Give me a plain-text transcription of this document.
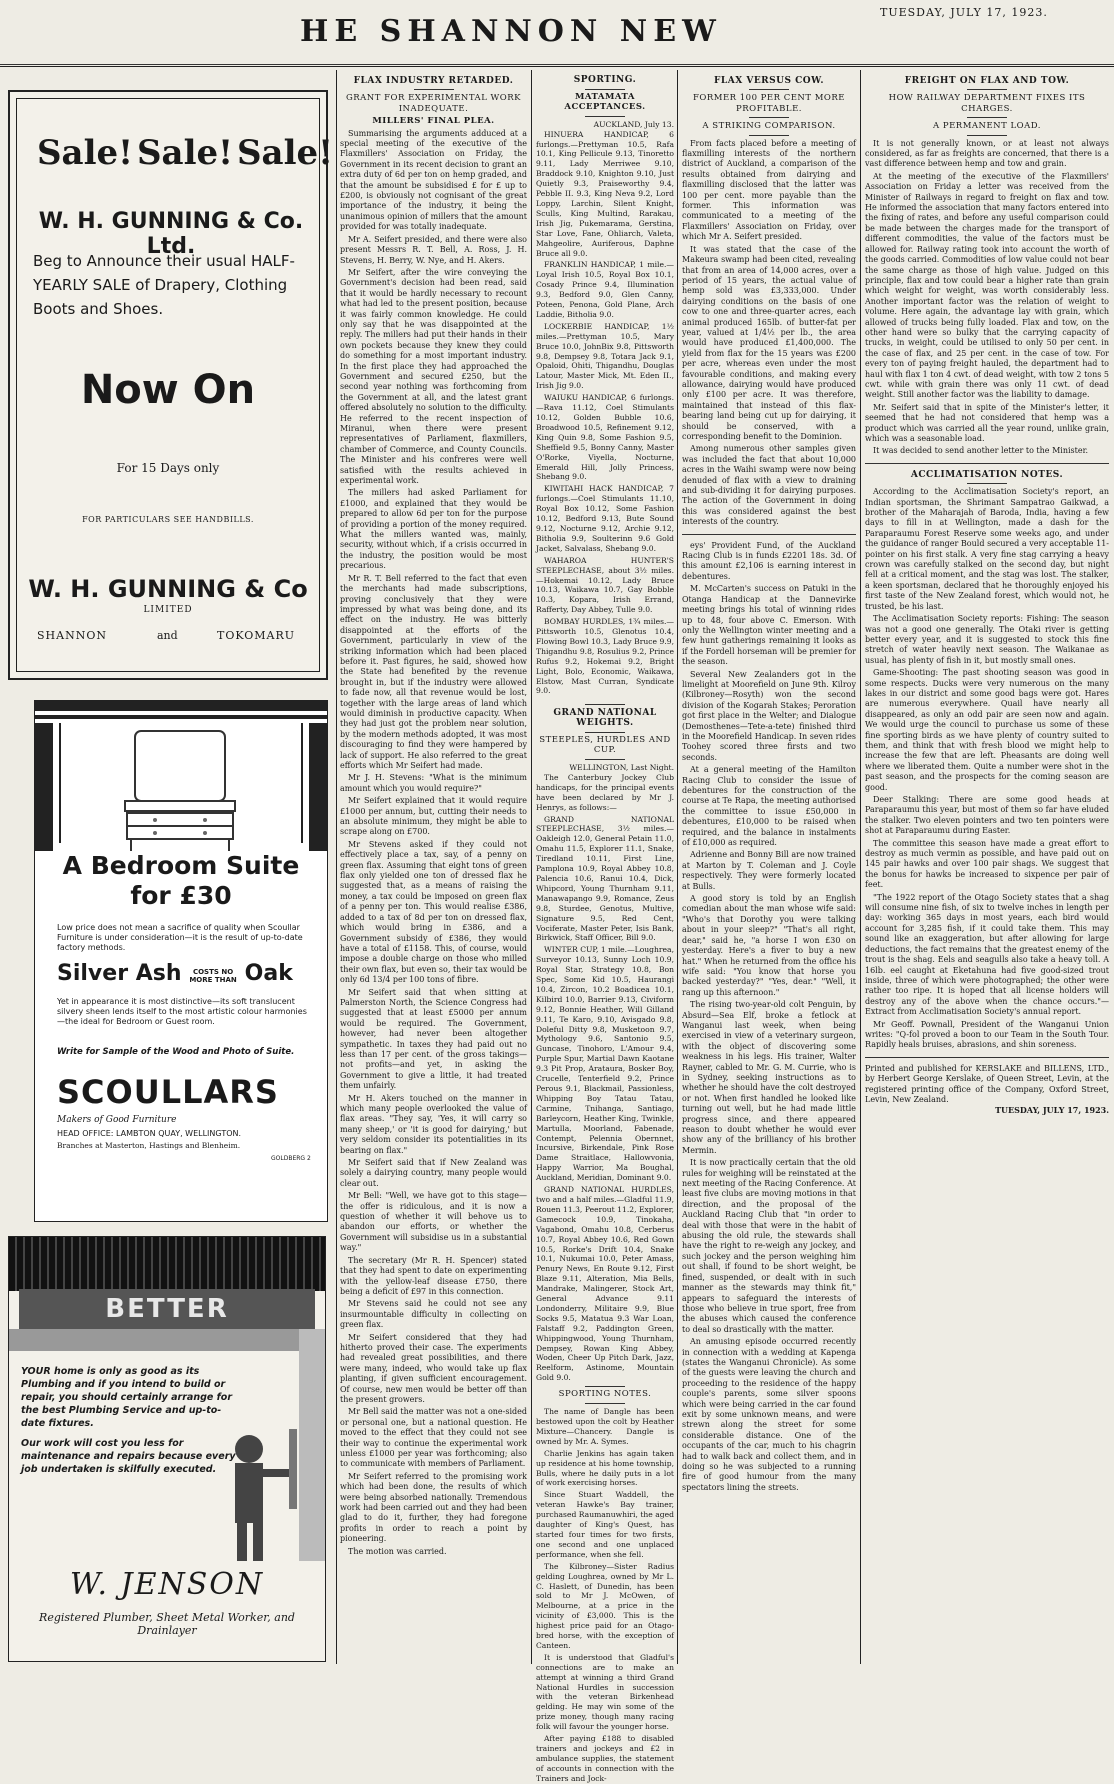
HE SHANNON NEW
TUESDAY, JULY 17, 1923.
Sale! Sale! Sale!
W. H. GUNNING & Co. Ltd.
Beg to Announce their usual HALF-
YEARLY SALE of Drapery, Clothing
Boots and Shoes.
Now On
For 15 Days only
FOR PARTICULARS SEE HANDBILLS.
W. H. GUNNING & Co
LIMITED
SHANNON	and	TOKOMARU
A Bedroom Suite
for £30
Low price does not mean a sacrifice of quality when Scoullar Furniture is under consideration—it is the result of up-to-date factory methods.
Silver Ash COSTS NO MORE THAN Oak
Yet in appearance it is most distinctive—its soft translucent silvery sheen lends itself to the most artistic colour harmonies—the ideal for Bedroom or Guest room.
Write for Sample of the Wood and Photo of Suite.
SCOULLARS
Makers of Good Furniture
HEAD OFFICE: LAMBTON QUAY, WELLINGTON.
Branches at Masterton, Hastings and Blenheim.
GOLDBERG 2
BETTER
YOUR home is only as good as its Plumbing and if you intend to build or repair, you should certainly arrange for the best Plumbing Service and up-to-date fixtures.
Our work will cost you less for maintenance and repairs because every job undertaken is skilfully executed.
W. JENSON
Registered Plumber, Sheet Metal Worker, and Drainlayer
FLAX INDUSTRY RETARDED.
GRANT FOR EXPERIMENTAL WORK INADEQUATE.
MILLERS' FINAL PLEA.

Summarising the arguments adduced at a special meeting of the executive of the Flaxmillers' Association on Friday, the Government in its recent decision to grant an extra duty of 6d per ton on hemp graded, and that the amount be subsidised £ for £ up to £200, is obviously not cognisant of the great importance of the industry, it being the unanimous opinion of millers that the amount provided for was totally inadequate.

Mr A. Seifert presided, and there were also present Messrs R. T. Bell, A. Ross, J. H. Stevens, H. Berry, W. Nye, and H. Akers.

Mr Seifert, after the wire conveying the Government's decision had been read, said that it would be hardly necessary to recount what had led to the present position, because it was fairly common knowledge. He could only say that he was disappointed at the reply. The millers had put their hands in their own pockets because they knew they could do something for a most important industry. In the first place they had approached the Government and secured £250, but the second year nothing was forthcoming from the Government at all, and the latest grant offered absolutely no solution to the difficulty. He referred to the recent inspection of Miranui, when there were present representatives of Parliament, flaxmillers, chamber of Commerce, and County Councils. The Minister and his confreres were well satisfied with the results achieved in experimental work.

The millers had asked Parliament for £1000, and explained that they would be prepared to allow 6d per ton for the purpose of providing a portion of the money required. What the millers wanted was, mainly, security, without which, if a crisis occurred in the industry, the position would be most precarious.

Mr R. T. Bell referred to the fact that even the merchants had made subscriptions, proving conclusively that they were impressed by what was being done, and its effect on the industry. He was bitterly disappointed at the efforts of the Government, particularly in view of the striking information which had been placed before it. Past figures, he said, showed how the State had benefited by the revenue brought in, but if the industry were allowed to fade now, all that revenue would be lost, together with the large areas of land which would diminish in productive capacity. When they had just got the problem near solution, by the modern methods adopted, it was most discouraging to find they were hampered by lack of support. He also referred to the great efforts which Mr Seifert had made.

Mr J. H. Stevens: "What is the minimum amount which you would require?"

Mr Seifert explained that it would require £1000 per annum, but, cutting their needs to an absolute minimum, they might be able to scrape along on £700.

Mr Stevens asked if they could not effectively place a tax, say, of a penny on green flax. Assuming that eight tons of green flax only yielded one ton of dressed flax he suggested that, as a means of raising the money, a tax could be imposed on green flax of a penny per ton. This would realise £386, added to a tax of 8d per ton on dressed flax, which would bring in £386, and a Government subsidy of £386, they would have a total of £1158. This, of course, would impose a double charge on those who milled their own flax, but even so, their tax would be only 6d 13/4 per 100 tons of fibre.

Mr Seifert said that when sitting at Palmerston North, the Science Congress had suggested that at least £5000 per annum would be required. The Government, however, had never been altogether sympathetic. In taxes they had paid out no less than 17 per cent. of the gross takings—not profits—and yet, in asking the Government to give a little, it had treated them unfairly.

Mr H. Akers touched on the manner in which many people overlooked the value of flax areas. "They say, 'Yes, it will carry so many sheep,' or 'it is good for dairying,' but very seldom consider its potentialities in its bearing on flax."

Mr Seifert said that if New Zealand was solely a dairying country, many people would clear out.

Mr Bell: "Well, we have got to this stage—the offer is ridiculous, and it is now a question of whether it will behove us to abandon our efforts, or whether the Government will subsidise us in a substantial way."

The secretary (Mr R. H. Spencer) stated that they had spent to date on experimenting with the yellow-leaf disease £750, there being a deficit of £97 in this connection.

Mr Stevens said he could not see any insurmountable difficulty in collecting on green flax.

Mr Seifert considered that they had hitherto proved their case. The experiments had revealed great possibilities, and there were many, indeed, who would take up flax planting, if given sufficient encouragement. Of course, new men would be better off than the present growers.

Mr Bell said the matter was not a one-sided or personal one, but a national question. He moved to the effect that they could not see their way to continue the experimental work unless £1000 per year was forthcoming; also to communicate with members of Parliament.

Mr Seifert referred to the promising work which had been done, the results of which were being absorbed nationally. Tremendous work had been carried out and they had been glad to do it, further, they had foregone profits in order to reach a point by pioneering.

The motion was carried.

SPORTING.
MATAMATA ACCEPTANCES.
AUCKLAND, July 13.

HINUERA HANDICAP, 6 furlongs.—Prettyman 10.5, Rafa 10.1, King Pellicule 9.13, Tinoretto 9.11, Lady Merriwee 9.10, Braddock 9.10, Knighton 9.10, Just Quietly 9.3, Praiseworthy 9.4, Pebble II. 9.3, King Neva 9.2, Lord Loppy, Larchin, Silent Knight, Sculls, King Multind, Rarakau, Irish Jig, Pukemarama, Gerstina, Star Love, Fane, Ohliarch, Valeta, Mahgeolire, Auriferous, Daphne Bruce all 9.0.

FRANKLIN HANDICAP, 1 mile.—Loyal Irish 10.5, Royal Box 10.1, Cosady Prince 9.4, Illumination 9.3, Bedford 9.0, Glen Canny, Poteen, Penona, Gold Plane, Arch Laddie, Bitholia 9.0.

LOCKERBIE HANDICAP, 1½ miles.—Prettyman 10.5, Mary Bruce 10.0, JohnBix 9.8, Pittsworth 9.8, Dempsey 9.8, Totara Jack 9.1, Opaloid, Ohiti, Thigandhu, Douglas Latour, Master Mick, Mt. Eden II., Irish Jig 9.0.

WAIUKU HANDICAP, 6 furlongs.—Rava 11.12, Coel Stimulants 10.12, Golden Bubble 10.6, Broadwood 10.5, Refinement 9.12, King Quin 9.8, Some Fashion 9.5, Sheffield 9.5, Bonny Canny, Master O'Rorke, Viyella, Nocturne, Emerald Hill, Jolly Princess, Shebang 9.0.

KIWITAHI HACK HANDICAP, 7 furlongs.—Coel Stimulants 11.10, Royal Box 10.12, Some Fashion 10.12, Bedford 9.13, Bute Sound 9.12, Nocturne 9.12, Archie 9.12, Bitholia 9.9, Soulterinn 9.6 Gold Jacket, Salvalass, Shebang 9.0.

WAHAROA HUNTER'S STEEPLECHASE, about 3½ miles.—Hokemai 10.12, Lady Bruce 10.13, Waikawa 10.7, Gay Bobble 10.3, Kopara, Irish Errand, Rafferty, Day Abbey, Tulle 9.0.

BOMBAY HURDLES, 1¾ miles.—Pittsworth 10.5, Glenotus 10.4, Flowing Bowl 10.3, Lady Bruce 9.9, Thigandhu 9.8, Rosulius 9.2, Prince Rufus 9.2, Hokemai 9.2, Bright Light, Bolo, Economic, Waikawa, Elstow, Mast Curran, Syndicate 9.0.

GRAND NATIONAL WEIGHTS.
STEEPLES, HURDLES AND CUP.
WELLINGTON, Last Night.

The Canterbury Jockey Club handicaps, for the principal events have been declared by Mr J. Henrys, as follows:—

GRAND NATIONAL STEEPLECHASE, 3½ miles.—Oakleigh 12.0, General Petain 11.0, Omahu 11.5, Explorer 11.1, Snake, Tiredland 10.11, First Line, Pamplona 10.9, Royal Abbey 10.8, Palencia 10.6, Ranui 10.4, Dick, Whipcord, Young Thurnham 9.11, Manawapango 9.9, Romance, Zeus 9.8, Sturdee, Genotus, Multive, Signature 9.5, Red Cent, Vociferate, Master Peter, Isis Bank, Birkwick, Staff Officer, Bill 9.0.

WINTER CUP, 1 mile.—Loughrea, Surveyor 10.13, Sunny Loch 10.9, Royal Star, Strategy 10.8, Bon Spec, Some Kid 10.5, Haurangi 10.4, Zircon, 10.2 Boadicea 10.1, Kilbird 10.0, Barrier 9.13, Civiform 9.12, Bonnie Heather, Will Gilland 9.11, Te Karo, 9.10, Avisgado 9.8, Doleful Ditty 9.8, Musketoon 9.7, Mythology 9.6, Santonio 9.5, Guncase, Tinohoro, L'Amour 9.4, Purple Spur, Martial Dawn Kaotane 9.3 Pit Prop, Arataura, Bosker Boy, Crucelle, Tenterfield 9.2, Prince Perous 9.1, Blackmail, Passionless, Whipping Boy Tatau Tatau, Carmine, Tnihanga, Santiago, Barleycorn, Heather King, Twinkle, Martulla, Moorland, Fabenade, Contempt, Pelennia Obernnet, Incursive, Birkendale, Pink Rose Dame Straitlace, Hallowvonia, Happy Warrior, Ma Boughal, Auckland, Meridian, Dominant 9.0.

GRAND NATIONAL HURDLES, two and a half miles.—Gladful 11.9, Rouen 11.3, Peerout 11.2, Explorer, Gamecock 10.9, Tinokaha, Vagabond, Omahu 10.8, Cerberus 10.7, Royal Abbey 10.6, Red Gown 10.5, Rorke's Drift 10.4, Snake 10.1, Nukumai 10.0, Peter Amass, Penury News, En Route 9.12, First Blaze 9.11, Alteration, Mia Bells, Mandrake, Malingerer, Stock Art, General Advance 9.11 Londonderry, Militaire 9.9, Blue Socks 9.5, Matatua 9.3 War Loan, Falstaff 9.2, Paddington Green, Whippingwood, Young Thurnham, Dempsey, Rowan King Abbey, Woden, Cheer Up Pitch Dark, Jazz, Reelform, Astinome, Mountain Gold 9.0.

SPORTING NOTES.

The name of Dangle has been bestowed upon the colt by Heather Mixture—Chancery. Dangle is owned by Mr. A. Symes.

Charlie Jenkins has again taken up residence at his home township, Bulls, where he daily puts in a lot of work exercising horses.

Since Stuart Waddell, the veteran Hawke's Bay trainer, purchased Raumanuwhiri, the aged daughter of King's Quest, has started four times for two firsts, one second and one unplaced performance, when she fell.

The Kilbroney—Sister Radius gelding Loughrea, owned by Mr L. C. Haslett, of Dunedin, has been sold to Mr J. McOwen, of Melbourne, at a price in the vicinity of £3,000. This is the highest price paid for an Otago-bred horse, with the exception of Canteen.

It is understood that Gladful's connections are to make an attempt at winning a third Grand National Hurdles in succession with the veteran Birkenhead gelding. He may win some of the prize money, though many racing folk will favour the younger horse.

After paying £188 to disabled trainers and jockeys and £2 in ambulance supplies, the statement of accounts in connection with the Trainers and Jock-

FLAX VERSUS COW.
FORMER 100 PER CENT MORE PROFITABLE.
A STRIKING COMPARISON.

From facts placed before a meeting of flaxmilling interests of the northern district of Auckland, a comparison of the results obtained from dairying and flaxmilling disclosed that the latter was 100 per cent. more payable than the former. This information was communicated to a meeting of the Flaxmillers' Association on Friday, over which Mr A. Seifert presided.

It was stated that the case of the Makeura swamp had been cited, revealing that from an area of 14,000 acres, over a period of 15 years, the actual value of hemp sold was £3,333,000. Under dairying conditions on the basis of one cow to one and three-quarter acres, each animal produced 165lb. of butter-fat per year, valued at 1/4½ per lb., the area would have produced £1,400,000. The yield from flax for the 15 years was £200 per acre, whereas even under the most favourable conditions, and making every allowance, dairying would have produced only £100 per acre. It was therefore, maintained that instead of this flax-bearing land being cut up for dairying, it should be conserved, with a corresponding benefit to the Dominion.

Among numerous other samples given was included the fact that about 10,000 acres in the Waihi swamp were now being denuded of flax with a view to draining and sub-dividing it for dairying purposes. The action of the Government in doing this was considered against the best interests of the country.

eys' Provident Fund, of the Auckland Racing Club is in funds £2201 18s. 3d. Of this amount £2,106 is earning interest in debentures.

M. McCarten's success on Patuki in the Otanga Handicap at the Dannevirke meeting brings his total of winning rides up to 48, four above C. Emerson. With only the Wellington winter meeting and a few hunt gatherings remaining it looks as if the Fordell horseman will be premier for the season.

Several New Zealanders got in the limelight at Moorefield on June 9th. Kilroy (Kilbroney—Rosyth) won the second division of the Kogarah Stakes; Peroration got first place in the Welter; and Dialogue (Demosthenes—Tete-a-tete) finished third in the Moorefield Handicap. In seven rides Toohey scored three firsts and two seconds.

At a general meeting of the Hamilton Racing Club to consider the issue of debentures for the construction of the course at Te Rapa, the meeting authorised the committee to issue £50,000 in debentures, £10,000 to be raised when required, and the balance in instalments of £10,000 as required.

Adrienne and Bonny Bill are now trained at Marton by T. Coleman and J. Coyle respectively. They were formerly located at Bulls.

A good story is told by an English comedian about the man whose wife said: "Who's that Dorothy you were talking about in your sleep?" "That's all right, dear," said he, "a horse I won £30 on yesterday. Here's a fiver to buy a new hat." When he returned from the office his wife said: "You know that horse you backed yesterday?" "Yes, dear." "Well, it rang up this afternoon."

The rising two-year-old colt Penguin, by Absurd—Sea Elf, broke a fetlock at Wanganui last week, when being exercised in view of a veterinary surgeon, with the object of discovering some weakness in his legs. His trainer, Walter Rayner, cabled to Mr. G. M. Currie, who is in Sydney, seeking instructions as to whether he should have the colt destroyed or not. When first handled he looked like turning out well, but he had made little progress since, and there appeared reason to doubt whether he would ever show any of the brilliancy of his brother Mermin.

It is now practically certain that the old rules for weighing will be reinstated at the next meeting of the Racing Conference. At least five clubs are moving motions in that direction, and the proposal of the Auckland Racing Club that "in order to deal with those that were in the habit of abusing the old rule, the stewards shall have the right to re-weigh any jockey, and such jockey and the person weighing him out shall, if found to be short weight, be fined, suspended, or dealt with in such manner as the stewards may think fit," appears to safeguard the interests of those who believe in true sport, free from the abuses which caused the conference to deal so drastically with the matter.

An amusing episode occurred recently in connection with a wedding at Kapenga (states the Wanganui Chronicle). As some of the guests were leaving the church and proceeding to the residence of the happy couple's parents, some silver spoons which were being carried in the car found exit by some unknown means, and were strewn along the street for some considerable distance. One of the occupants of the car, much to his chagrin had to walk back and collect them, and in doing so he was subjected to a running fire of good humour from the many spectators lining the streets.

FREIGHT ON FLAX AND TOW.
HOW RAILWAY DEPARTMENT FIXES ITS CHARGES.
A PERMANENT LOAD.

It is not generally known, or at least not always considered, as far as freights are concerned, that there is a vast difference between hemp and tow and grain.

At the meeting of the executive of the Flaxmillers' Association on Friday a letter was received from the Minister of Railways in regard to freight on flax and tow. He informed the association that many factors entered into the fixing of rates, and before any useful comparison could be made between the charges made for the transport of different commodities, the value of the factors must be allowed for. Railway rating took into account the worth of the goods carried. Commodities of low value could not bear the same charge as those of high value. Judged on this principle, flax and tow could bear a higher rate than grain which weight for weight, was worth considerably less. Another important factor was the relation of weight to volume. Here again, the advantage lay with grain, which allowed of trucks being fully loaded. Flax and tow, on the other hand were so bulky that the carrying capacity of trucks, in weight, could be utilised to only 50 per cent. in the case of flax, and 25 per cent. in the case of tow. For every ton of paying freight hauled, the department had to haul with flax 1 ton 4 cwt. of dead weight, with tow 2 tons 5 cwt. while with grain there was only 11 cwt. of dead weight. Still another factor was the liability to damage.

Mr. Seifert said that in spite of the Minister's letter, it seemed that he had not considered that hemp was a product which was carried all the year round, unlike grain, which was a seasonable load.

It was decided to send another letter to the Minister.

ACCLIMATISATION NOTES.

According to the Acclimatisation Society's report, an Indian sportsman, the Shrimant Sampatrao Gaikwad, a brother of the Maharajah of Baroda, India, having a few days to fill in at Wellington, made a dash for the Paraparaumu Forest Reserve some weeks ago, and under the guidance of ranger Bould secured a very acceptable 11-pointer on his first stalk. A very fine stag carrying a heavy crown was carefully stalked on the second day, but night fell at a critical moment, and the stag was lost. The stalker, a keen sportsman, declared that he thoroughly enjoyed his first taste of the New Zealand forest, which would not, he trusted, be his last.

The Acclimatisation Society reports: Fishing: The season was not a good one generally. The Otaki river is getting better every year, and it is suggested to stock this fine stretch of water heavily next season. The Waikanae as usual, has plenty of fish in it, but mostly small ones.

Game-Shooting: The past shooting season was good in some respects. Ducks were very numerous on the many lakes in our district and some good bags were got. Hares are numerous everywhere. Quail have nearly all disappeared, as only an odd pair are seen now and again. We would urge the council to purchase us some of these fine sporting birds as we have plenty of country suited to them, and think that with fresh blood we might help to increase the few that are left. Pheasants are doing well where we liberated them. Quite a number were shot in the past season, and the prospects for the coming season are good.

Deer Stalking: There are some good heads at Paraparaumu this year, but most of them so far have eluded the stalker. Two eleven pointers and two ten pointers were shot at Paraparaumu during Easter.

The committee this season have made a great effort to destroy as much vermin as possible, and have paid out on 145 pair hawks and over 100 pair shags. We suggest that the bonus for hawks be increased to sixpence per pair of feet.

"The 1922 report of the Otago Society states that a shag will consume nine fish, of six to twelve inches in length per day: working 365 days in most years, each bird would account for 3,285 fish, if it could take them. This may sound like an exaggeration, but after allowing for large deductions, the fact remains that the greatest enemy of the trout is the shag. Eels and seagulls also take a heavy toll. A 16lb. eel caught at Eketahuna had five good-sized trout inside, three of which were photographed; the other were rather too ripe. It is hoped that all license holders will destroy any of the above when the chance occurs."—Extract from Acclimatisation Society's annual report.

Mr Geoff. Pownall, President of the Wanganui Union writes: "Q-fol proved a boon to our Team in the South Tour. Rapidly heals bruises, abrasions, and shin soreness.

Printed and published for KERSLAKE and BILLENS, LTD., by Herbert George Kerslake, of Queen Street, Levin, at the registered printing office of the Company, Oxford Street, Levin, New Zealand.
TUESDAY, JULY 17, 1923.
